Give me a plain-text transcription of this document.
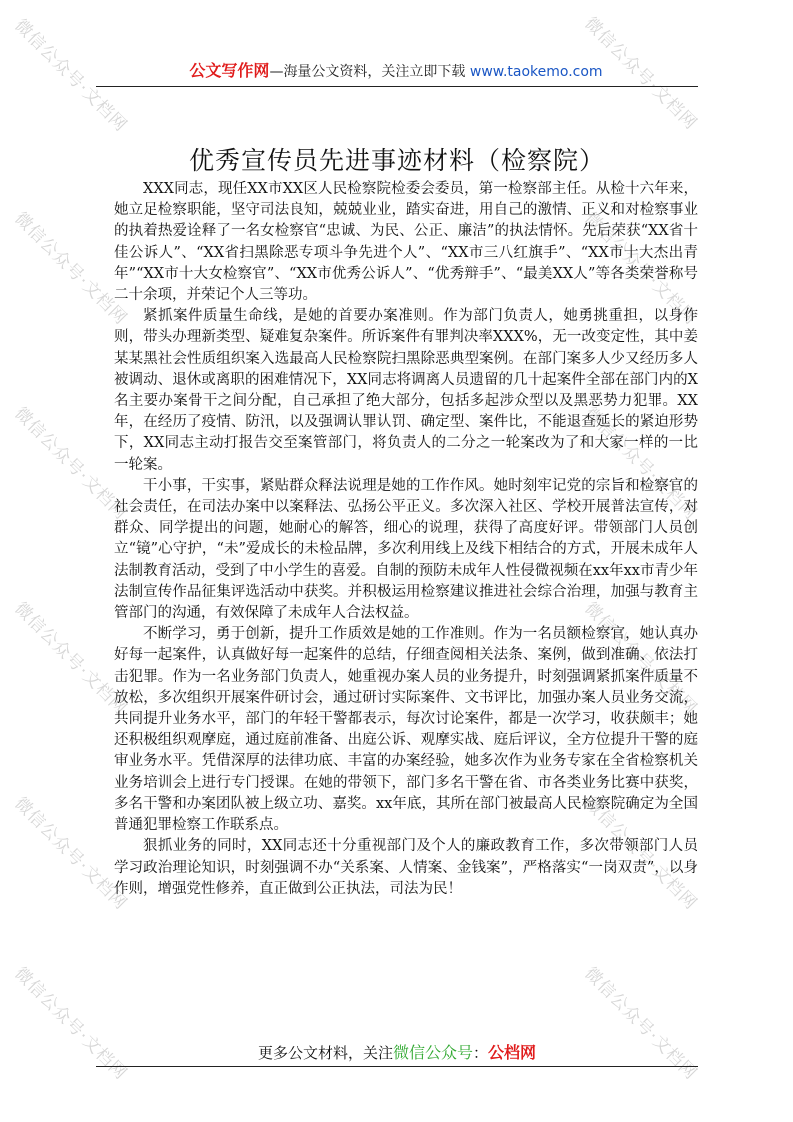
微信公众号·文档网	微信公众号·文档网
微信公众号·文档网	微信公众号·文档网
微信公众号·文档网	微信公众号·文档网
微信公众号·文档网	微信公众号·文档网
微信公众号·文档网	微信公众号·文档网
微信公众号·文档网	微信公众号·文档网
公文写作网—海量公文资料，关注立即下载 www.taokemo.com
优秀宣传员先进事迹材料（检察院）

XXX同志，现任XX市XX区人民检察院检委会委员，第一检察部主任。从检十六年来，她立足检察职能，坚守司法良知，兢兢业业，踏实奋进，用自己的激情、正义和对检察事业的执着热爱诠释了一名女检察官“忠诚、为民、公正、廉洁”的执法情怀。先后荣获“XX省十佳公诉人”、“XX省扫黑除恶专项斗争先进个人”、“XX市三八红旗手”、“XX市十大杰出青年”“XX市十大女检察官”、“XX市优秀公诉人”、“优秀辩手”、“最美XX人”等各类荣誉称号二十余项，并荣记个人三等功。

紧抓案件质量生命线，是她的首要办案准则。作为部门负责人，她勇挑重担，以身作则，带头办理新类型、疑难复杂案件。所诉案件有罪判决率XXX%，无一改变定性，其中姜某某黑社会性质组织案入选最高人民检察院扫黑除恶典型案例。在部门案多人少又经历多人被调动、退休或离职的困难情况下，XX同志将调离人员遗留的几十起案件全部在部门内的X名主要办案骨干之间分配，自己承担了绝大部分，包括多起涉众型以及黑恶势力犯罪。XX年，在经历了疫情、防汛，以及强调认罪认罚、确定型、案件比，不能退查延长的紧迫形势下，XX同志主动打报告交至案管部门，将负责人的二分之一轮案改为了和大家一样的一比一轮案。

干小事，干实事，紧贴群众释法说理是她的工作作风。她时刻牢记党的宗旨和检察官的社会责任，在司法办案中以案释法、弘扬公平正义。多次深入社区、学校开展普法宣传，对群众、同学提出的问题，她耐心的解答，细心的说理，获得了高度好评。带领部门人员创立“镜”心守护，“未”爱成长的未检品牌，多次利用线上及线下相结合的方式，开展未成年人法制教育活动，受到了中小学生的喜爱。自制的预防未成年人性侵微视频在xx年xx市青少年法制宣传作品征集评选活动中获奖。并积极运用检察建议推进社会综合治理，加强与教育主管部门的沟通，有效保障了未成年人合法权益。

不断学习，勇于创新，提升工作质效是她的工作准则。作为一名员额检察官，她认真办好每一起案件，认真做好每一起案件的总结，仔细查阅相关法条、案例，做到准确、依法打击犯罪。作为一名业务部门负责人，她重视办案人员的业务提升，时刻强调紧抓案件质量不放松，多次组织开展案件研讨会，通过研讨实际案件、文书评比，加强办案人员业务交流，共同提升业务水平，部门的年轻干警都表示，每次讨论案件，都是一次学习，收获颇丰；她还积极组织观摩庭，通过庭前准备、出庭公诉、观摩实战、庭后评议，全方位提升干警的庭审业务水平。凭借深厚的法律功底、丰富的办案经验，她多次作为业务专家在全省检察机关业务培训会上进行专门授课。在她的带领下，部门多名干警在省、市各类业务比赛中获奖，多名干警和办案团队被上级立功、嘉奖。xx年底，其所在部门被最高人民检察院确定为全国普通犯罪检察工作联系点。

狠抓业务的同时，XX同志还十分重视部门及个人的廉政教育工作，多次带领部门人员学习政治理论知识，时刻强调不办“关系案、人情案、金钱案”，严格落实“一岗双责”，以身作则，增强党性修养，直正做到公正执法，司法为民！

更多公文材料，关注微信公众号：公档网
